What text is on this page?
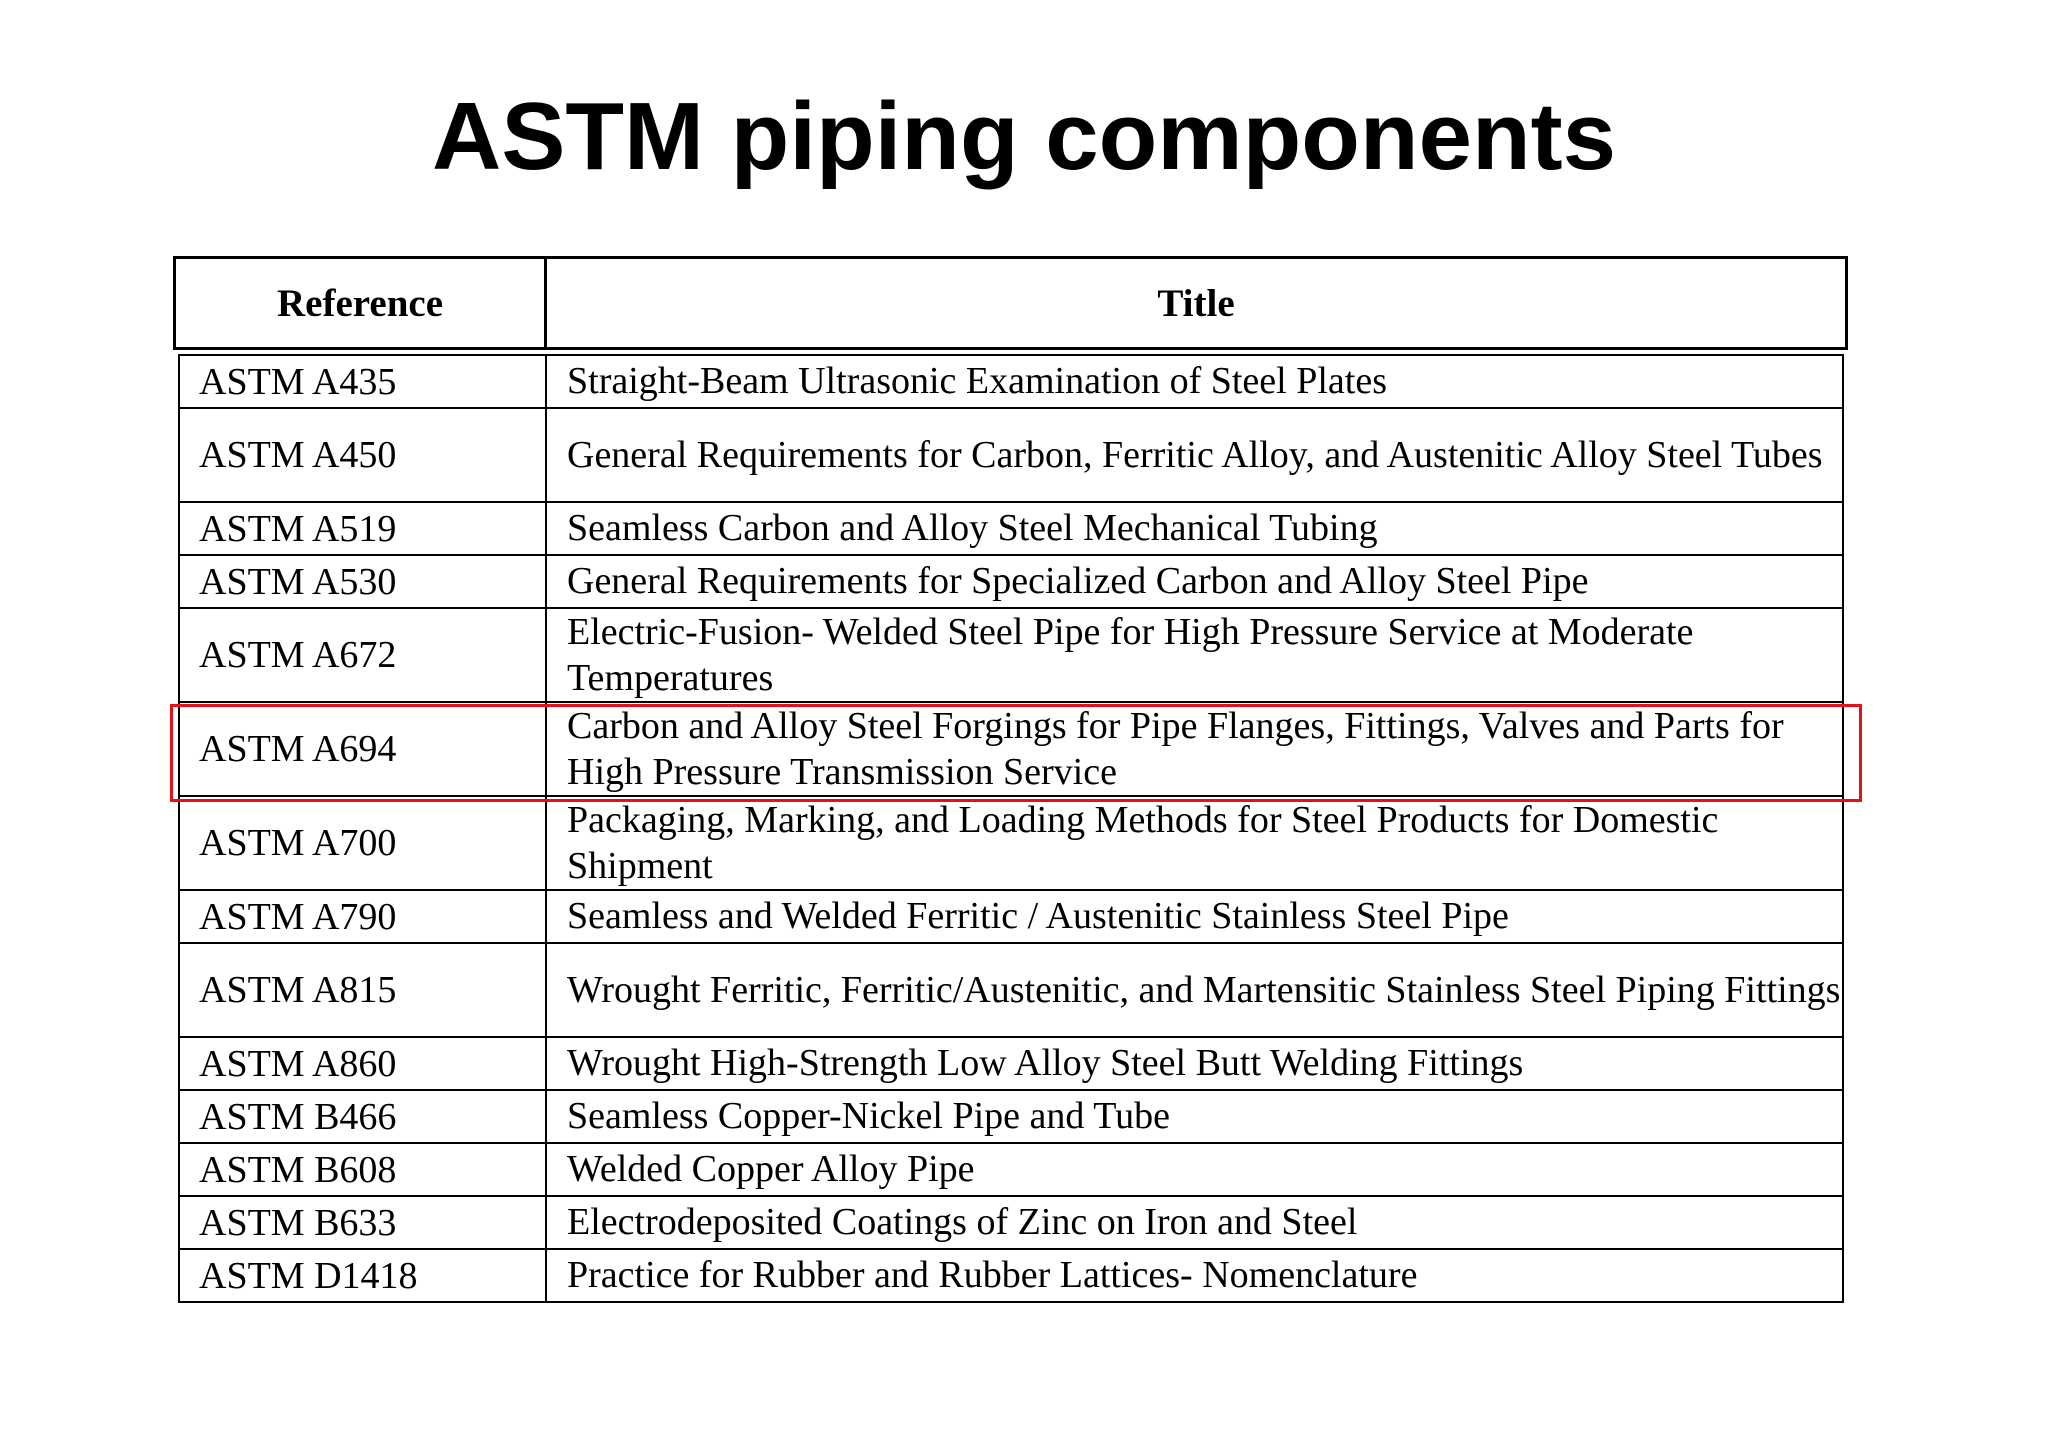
ASTM piping components
Reference	Title
ASTM A435	Straight-Beam Ultrasonic Examination of Steel Plates
ASTM A450	General Requirements for Carbon, Ferritic Alloy, and Austenitic Alloy Steel Tubes
ASTM A519	Seamless Carbon and Alloy Steel Mechanical Tubing
ASTM A530	General Requirements for Specialized Carbon and Alloy Steel Pipe
ASTM A672	Electric-Fusion- Welded Steel Pipe for High Pressure Service at Moderate Temperatures
ASTM A694	Carbon and Alloy Steel Forgings for Pipe Flanges, Fittings, Valves and Parts for High Pressure Transmission Service
ASTM A700	Packaging, Marking, and Loading Methods for Steel Products for Domestic Shipment
ASTM A790	Seamless and Welded Ferritic / Austenitic Stainless Steel Pipe
ASTM A815	Wrought Ferritic, Ferritic/Austenitic, and Martensitic Stainless Steel Piping Fittings
ASTM A860	Wrought High-Strength Low Alloy Steel Butt Welding Fittings
ASTM B466	Seamless Copper-Nickel Pipe and Tube
ASTM B608	Welded Copper Alloy Pipe
ASTM B633	Electrodeposited Coatings of Zinc on Iron and Steel
ASTM D1418	Practice for Rubber and Rubber Lattices- Nomenclature
